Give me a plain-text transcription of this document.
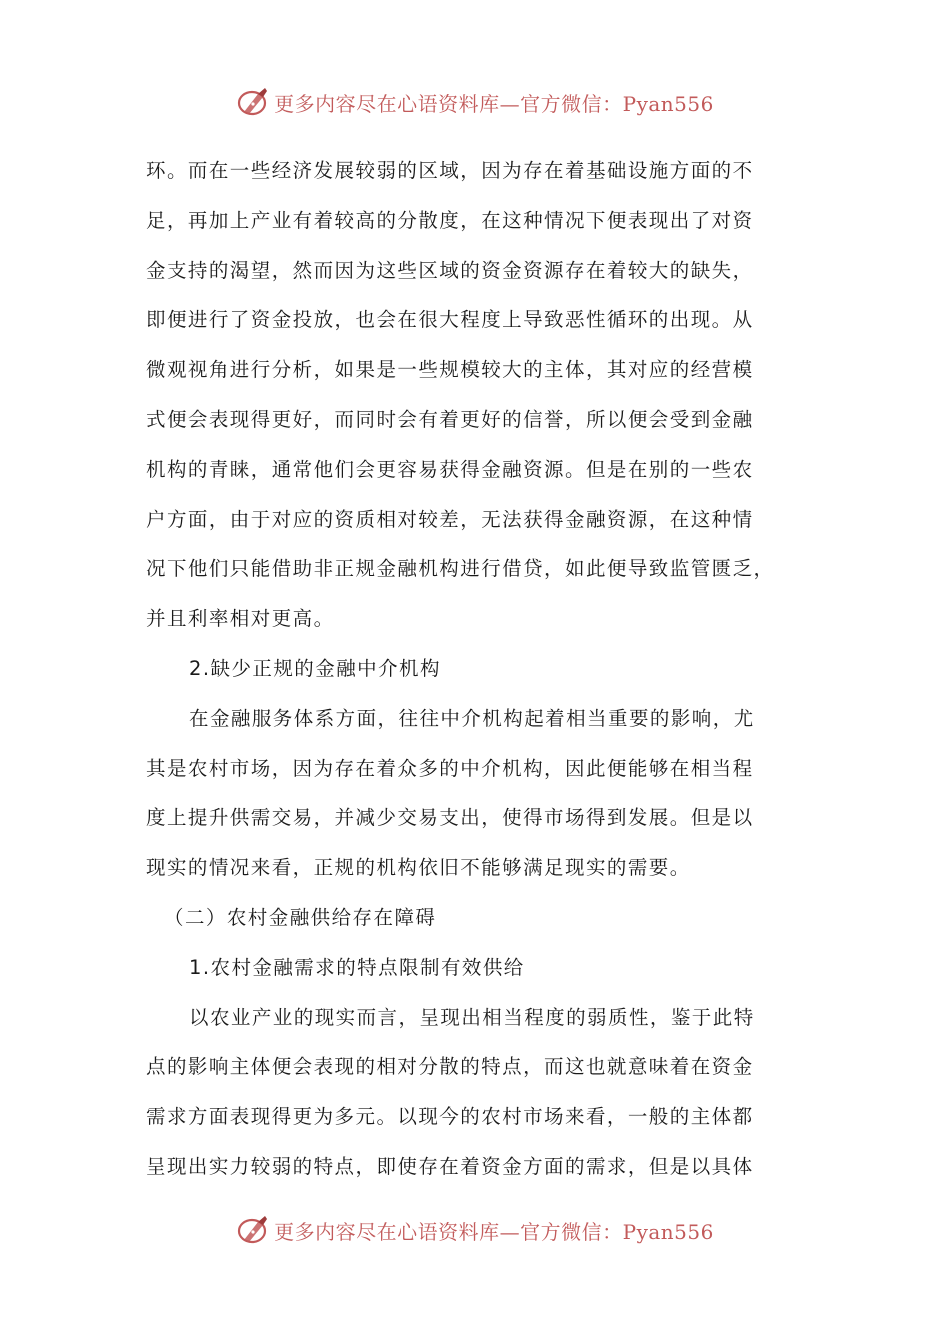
更多内容尽在心语资料库—官方微信：Pyan556
环。而在一些经济发展较弱的区域，因为存在着基础设施方面的不
足，再加上产业有着较高的分散度，在这种情况下便表现出了对资
金支持的渴望，然而因为这些区域的资金资源存在着较大的缺失，
即便进行了资金投放，也会在很大程度上导致恶性循环的出现。从
微观视角进行分析，如果是一些规模较大的主体，其对应的经营模
式便会表现得更好，而同时会有着更好的信誉，所以便会受到金融
机构的青睐，通常他们会更容易获得金融资源。但是在别的一些农
户方面，由于对应的资质相对较差，无法获得金融资源，在这种情
况下他们只能借助非正规金融机构进行借贷，如此便导致监管匮乏，
并且利率相对更高。
2.缺少正规的金融中介机构
在金融服务体系方面，往往中介机构起着相当重要的影响，尤
其是农村市场，因为存在着众多的中介机构，因此便能够在相当程
度上提升供需交易，并减少交易支出，使得市场得到发展。但是以
现实的情况来看，正规的机构依旧不能够满足现实的需要。
（二）农村金融供给存在障碍
1.农村金融需求的特点限制有效供给
以农业产业的现实而言，呈现出相当程度的弱质性，鉴于此特
点的影响主体便会表现的相对分散的特点，而这也就意味着在资金
需求方面表现得更为多元。以现今的农村市场来看，一般的主体都
呈现出实力较弱的特点，即使存在着资金方面的需求，但是以具体
更多内容尽在心语资料库—官方微信：Pyan556
